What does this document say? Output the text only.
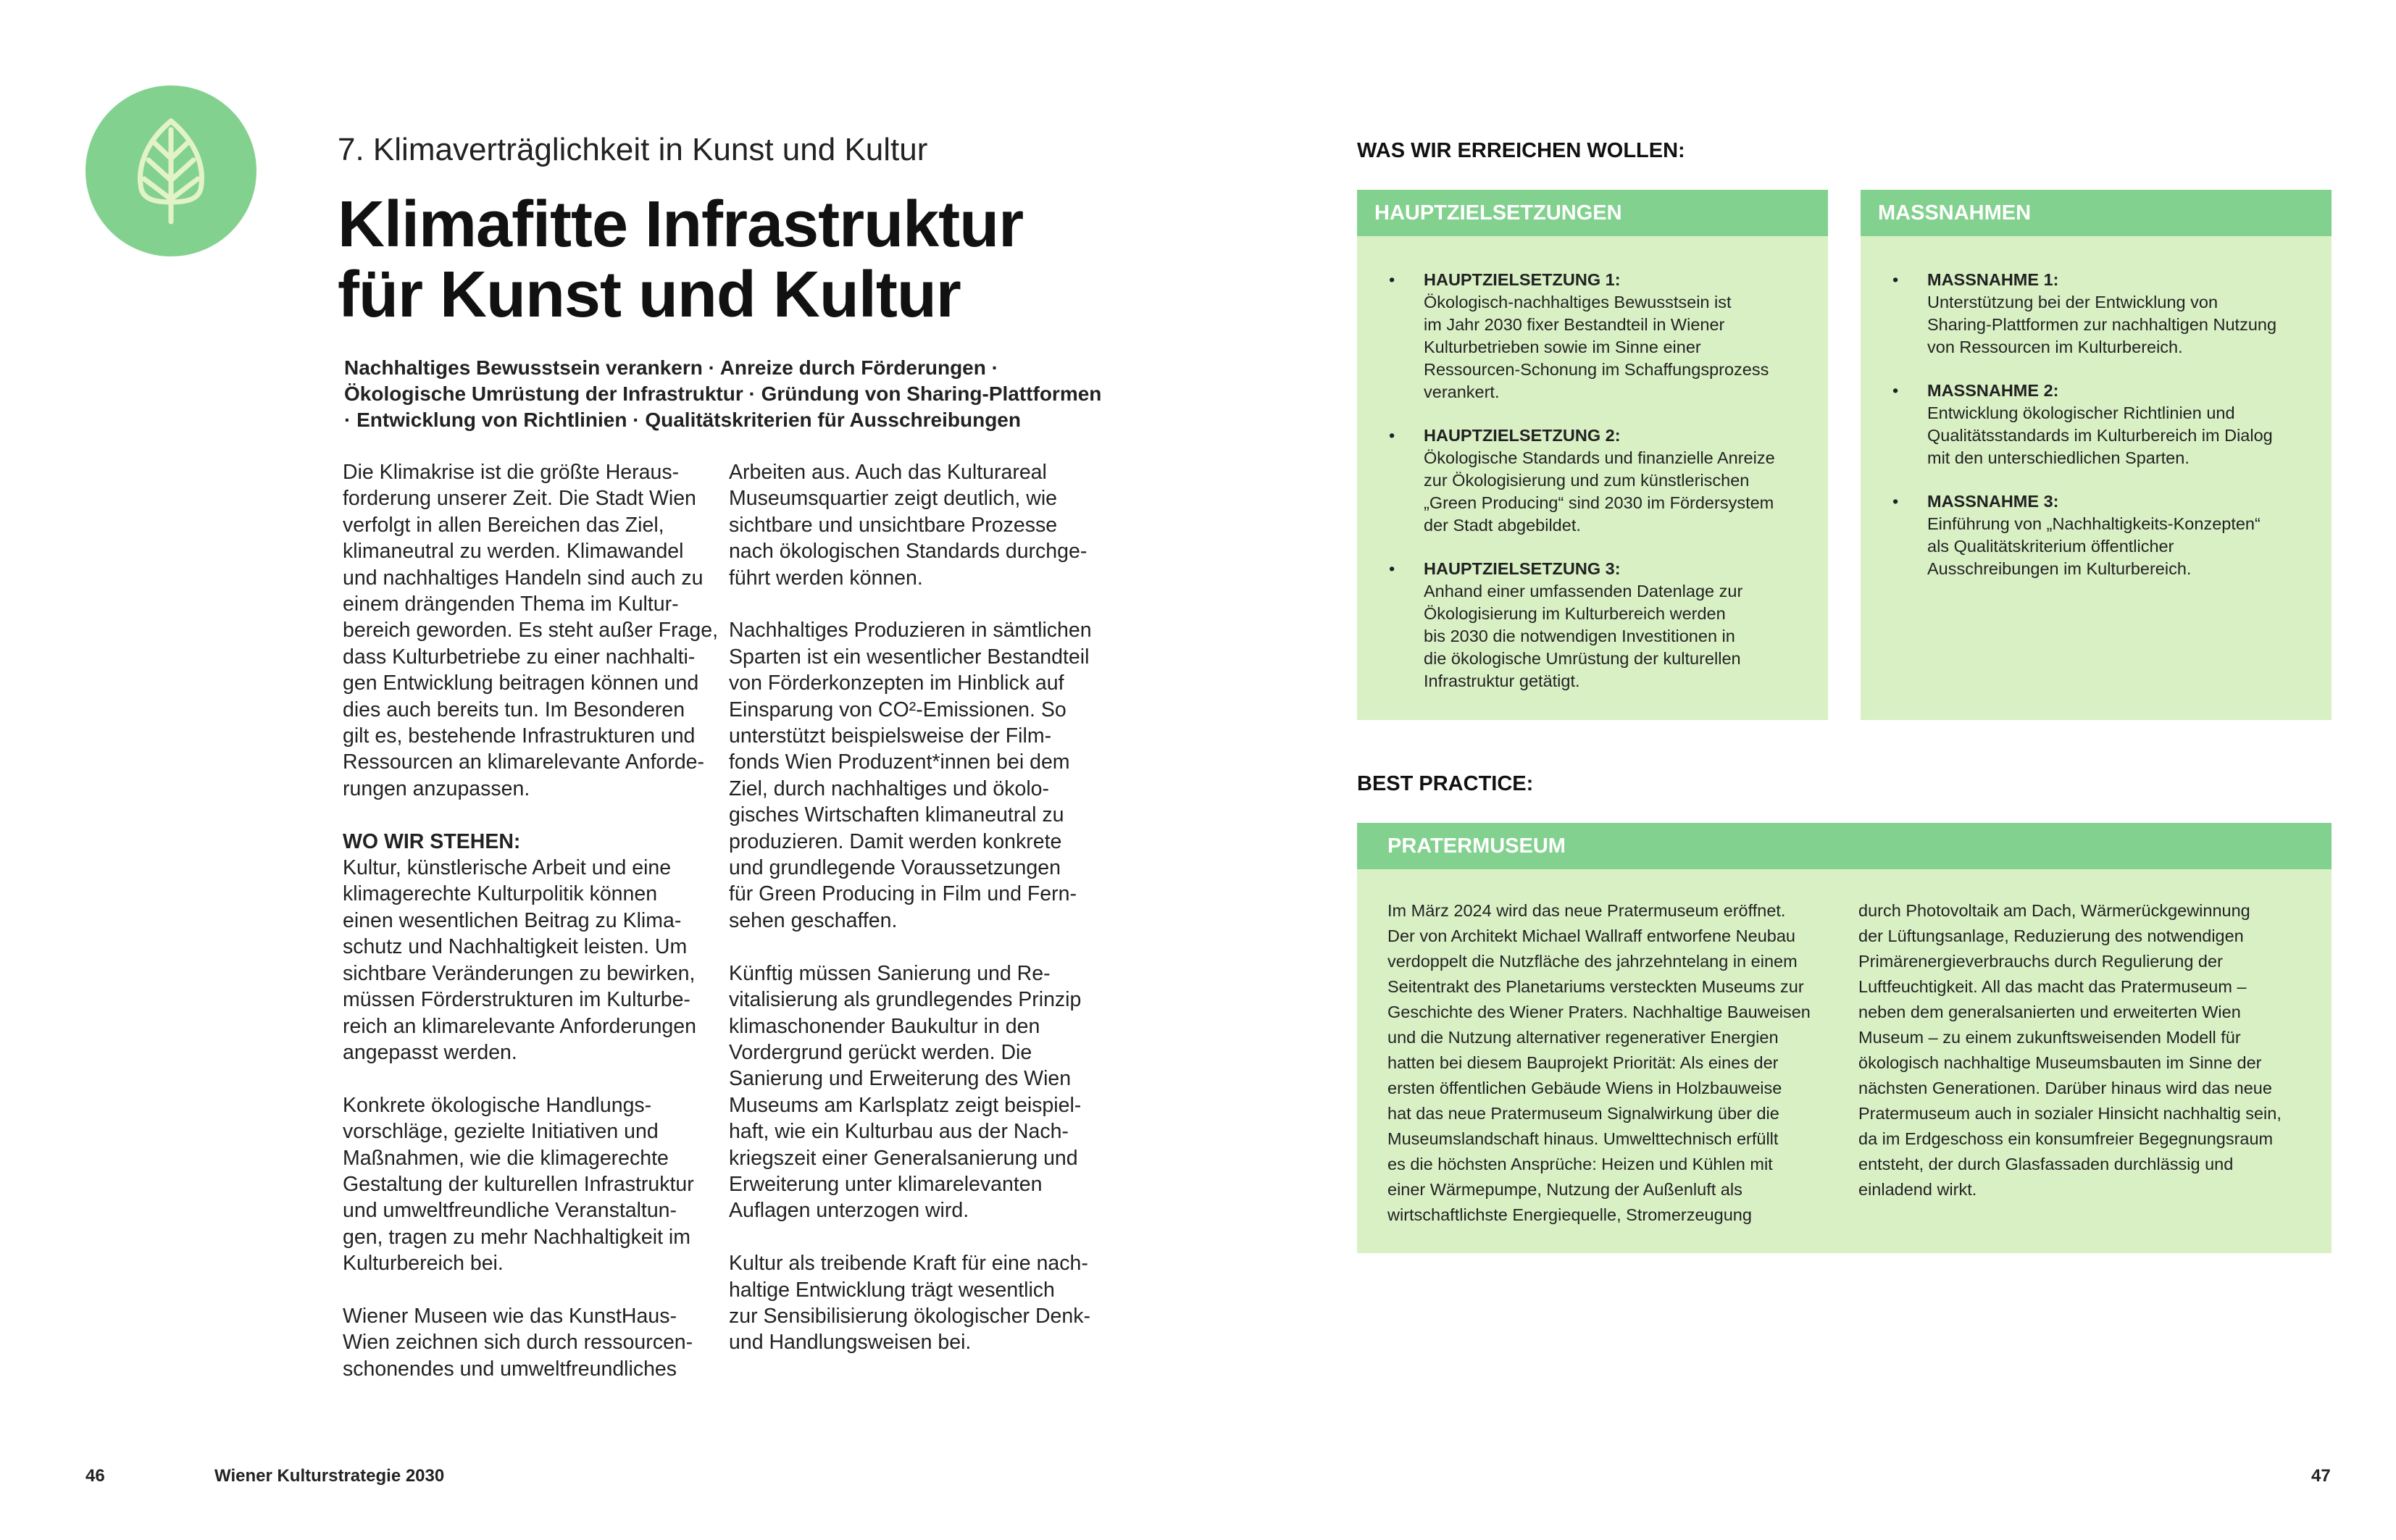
7. Klimaverträglichkeit in Kunst und Kultur
Klimafitte Infrastruktur
für Kunst und Kultur
Nachhaltiges Bewusstsein verankern · Anreize durch Förderungen · Ökologische Umrüstung der Infrastruktur · Gründung von Sharing-Plattformen · Entwicklung von Richtlinien · Qualitätskriterien für Ausschreibungen

Die Klimakrise ist die größte Heraus-
forderung unserer Zeit. Die Stadt Wien
verfolgt in allen Bereichen das Ziel,
klimaneutral zu werden. Klimawandel
und nachhaltiges Handeln sind auch zu
einem drängenden Thema im Kultur-
bereich geworden. Es steht außer Frage,
dass Kulturbetriebe zu einer nachhalti-
gen Entwicklung beitragen können und
dies auch bereits tun. Im Besonderen
gilt es, bestehende Infrastrukturen und
Ressourcen an klimarelevante Anforde-
rungen anzupassen.

WO WIR STEHEN:

Kultur, künstlerische Arbeit und eine
klimagerechte Kulturpolitik können
einen wesentlichen Beitrag zu Klima-
schutz und Nachhaltigkeit leisten. Um
sichtbare Veränderungen zu bewirken,
müssen Förderstrukturen im Kulturbe-
reich an klimarelevante Anforderungen
angepasst werden.

Konkrete ökologische Handlungs-
vorschläge, gezielte Initiativen und
Maßnahmen, wie die klimagerechte
Gestaltung der kulturellen Infrastruktur
und umweltfreundliche Veranstaltun-
gen, tragen zu mehr Nachhaltigkeit im
Kulturbereich bei.

Wiener Museen wie das KunstHaus-
Wien zeichnen sich durch ressourcen-
schonendes und umweltfreundliches

Arbeiten aus. Auch das Kulturareal
Museumsquartier zeigt deutlich, wie
sichtbare und unsichtbare Prozesse
nach ökologischen Standards durchge-
führt werden können.

Nachhaltiges Produzieren in sämtlichen
Sparten ist ein wesentlicher Bestandteil
von Förderkonzepten im Hinblick auf
Einsparung von CO²-Emissionen. So
unterstützt beispielsweise der Film-
fonds Wien Produzent*innen bei dem
Ziel, durch nachhaltiges und ökolo-
gisches Wirtschaften klimaneutral zu
produzieren. Damit werden konkrete
und grundlegende Voraussetzungen
für Green Producing in Film und Fern-
sehen geschaffen.

Künftig müssen Sanierung und Re-
vitalisierung als grundlegendes Prinzip
klimaschonender Baukultur in den
Vordergrund gerückt werden. Die
Sanierung und Erweiterung des Wien
Museums am Karlsplatz zeigt beispiel-
haft, wie ein Kulturbau aus der Nach-
kriegszeit einer Generalsanierung und
Erweiterung unter klimarelevanten
Auflagen unterzogen wird.

Kultur als treibende Kraft für eine nach-
haltige Entwicklung trägt wesentlich
zur Sensibilisierung ökologischer Denk-
und Handlungsweisen bei.

WAS WIR ERREICHEN WOLLEN:
HAUPTZIELSETZUNGEN
• HAUPTZIELSETZUNG 1:
Ökologisch-nachhaltiges Bewusstsein ist
im Jahr 2030 fixer Bestandteil in Wiener
Kulturbetrieben sowie im Sinne einer
Ressourcen-Schonung im Schaffungsprozess
verankert.
• HAUPTZIELSETZUNG 2:
Ökologische Standards und finanzielle Anreize
zur Ökologisierung und zum künstlerischen
„Green Producing“ sind 2030 im Fördersystem
der Stadt abgebildet.
• HAUPTZIELSETZUNG 3:
Anhand einer umfassenden Datenlage zur
Ökologisierung im Kulturbereich werden
bis 2030 die notwendigen Investitionen in
die ökologische Umrüstung der kulturellen
Infrastruktur getätigt.
MASSNAHMEN
• MASSNAHME 1:
Unterstützung bei der Entwicklung von
Sharing-Plattformen zur nachhaltigen Nutzung
von Ressourcen im Kulturbereich.
• MASSNAHME 2:
Entwicklung ökologischer Richtlinien und
Qualitätsstandards im Kulturbereich im Dialog
mit den unterschiedlichen Sparten.
• MASSNAHME 3:
Einführung von „Nachhaltigkeits-Konzepten“
als Qualitätskriterium öffentlicher
Ausschreibungen im Kulturbereich.
BEST PRACTICE:
PRATERMUSEUM
Im März 2024 wird das neue Pratermuseum eröffnet.
Der von Architekt Michael Wallraff entworfene Neubau
verdoppelt die Nutzfläche des jahrzehntelang in einem
Seitentrakt des Planetariums versteckten Museums zur
Geschichte des Wiener Praters. Nachhaltige Bauweisen
und die Nutzung alternativer regenerativer Energien
hatten bei diesem Bauprojekt Priorität: Als eines der
ersten öffentlichen Gebäude Wiens in Holzbauweise
hat das neue Pratermuseum Signalwirkung über die
Museumslandschaft hinaus. Umwelttechnisch erfüllt
es die höchsten Ansprüche: Heizen und Kühlen mit
einer Wärmepumpe, Nutzung der Außenluft als
wirtschaftlichste Energiequelle, Stromerzeugung
durch Photovoltaik am Dach, Wärmerückgewinnung
der Lüftungsanlage, Reduzierung des notwendigen
Primärenergieverbrauchs durch Regulierung der
Luftfeuchtigkeit. All das macht das Pratermuseum –
neben dem generalsanierten und erweiterten Wien
Museum – zu einem zukunftsweisenden Modell für
ökologisch nachhaltige Museumsbauten im Sinne der
nächsten Generationen. Darüber hinaus wird das neue
Pratermuseum auch in sozialer Hinsicht nachhaltig sein,
da im Erdgeschoss ein konsumfreier Begegnungsraum
entsteht, der durch Glasfassaden durchlässig und
einladend wirkt.
46	Wiener Kulturstrategie 2030	47
